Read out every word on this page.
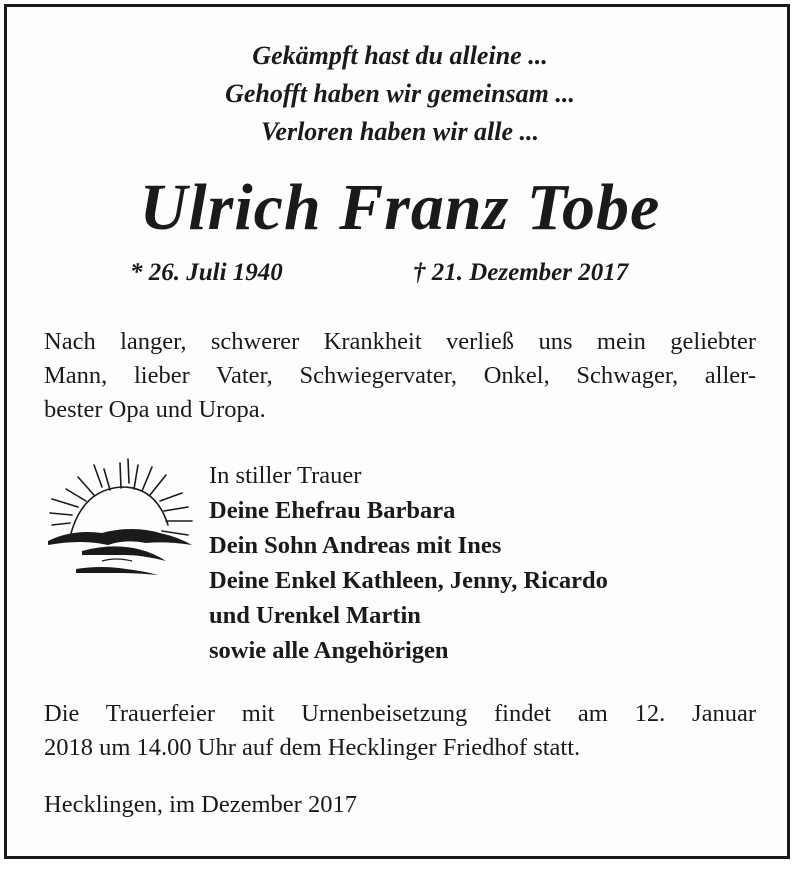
Gekämpft hast du alleine ...
Gehofft haben wir gemeinsam ...
Verloren haben wir alle ...
Ulrich Franz Tobe
* 26. Juli 1940	† 21. Dezember 2017
Nach langer, schwerer Krankheit verließ uns mein geliebter
Mann, lieber Vater, Schwiegervater, Onkel, Schwager, aller-
bester Opa und Uropa.
In stiller Trauer
Deine Ehefrau Barbara
Dein Sohn Andreas mit Ines
Deine Enkel Kathleen, Jenny, Ricardo
und Urenkel Martin
sowie alle Angehörigen
Die Trauerfeier mit Urnenbeisetzung findet am 12. Januar
2018 um 14.00 Uhr auf dem Hecklinger Friedhof statt.
Hecklingen, im Dezember 2017
